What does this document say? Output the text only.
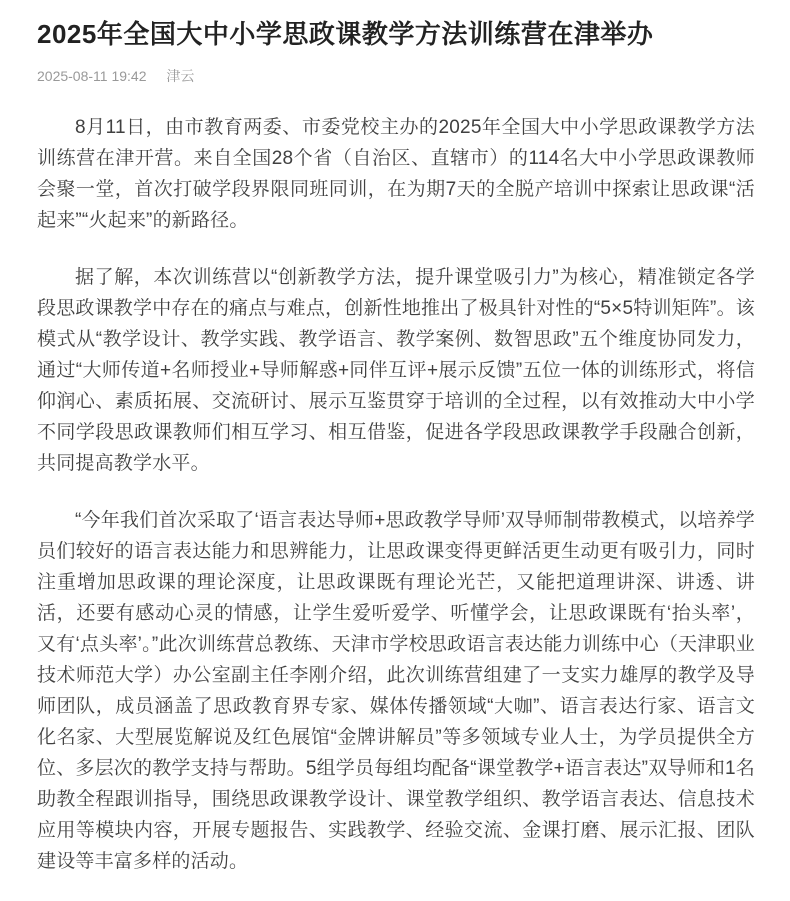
2025年全国大中小学思政课教学方法训练营在津举办
2025-08-11 19:42 津云

8月11日，由市教育两委、市委党校主办的2025年全国大中小学思政课教学方法训练营在津开营。来自全国28个省（自治区、直辖市）的114名大中小学思政课教师会聚一堂，首次打破学段界限同班同训，在为期7天的全脱产培训中探索让思政课“活起来”“火起来”的新路径。

据了解，本次训练营以“创新教学方法，提升课堂吸引力”为核心，精准锁定各学段思政课教学中存在的痛点与难点，创新性地推出了极具针对性的“5×5特训矩阵”。该模式从“教学设计、教学实践、教学语言、教学案例、数智思政”五个维度协同发力，通过“大师传道+名师授业+导师解惑+同伴互评+展示反馈”五位一体的训练形式，将信仰润心、素质拓展、交流研讨、展示互鉴贯穿于培训的全过程，以有效推动大中小学不同学段思政课教师们相互学习、相互借鉴，促进各学段思政课教学手段融合创新，共同提高教学水平。

“今年我们首次采取了‘语言表达导师+思政教学导师’双导师制带教模式，以培养学员们较好的语言表达能力和思辨能力，让思政课变得更鲜活更生动更有吸引力，同时注重增加思政课的理论深度，让思政课既有理论光芒，又能把道理讲深、讲透、讲活，还要有感动心灵的情感，让学生爱听爱学、听懂学会，让思政课既有‘抬头率’，又有‘点头率’。”此次训练营总教练、天津市学校思政语言表达能力训练中心（天津职业技术师范大学）办公室副主任李刚介绍，此次训练营组建了一支实力雄厚的教学及导师团队，成员涵盖了思政教育界专家、媒体传播领域“大咖”、语言表达行家、语言文化名家、大型展览解说及红色展馆“金牌讲解员”等多领域专业人士，为学员提供全方位、多层次的教学支持与帮助。5组学员每组均配备“课堂教学+语言表达”双导师和1名助教全程跟训指导，围绕思政课教学设计、课堂教学组织、教学语言表达、信息技术应用等模块内容，开展专题报告、实践教学、经验交流、金课打磨、展示汇报、团队建设等丰富多样的活动。
